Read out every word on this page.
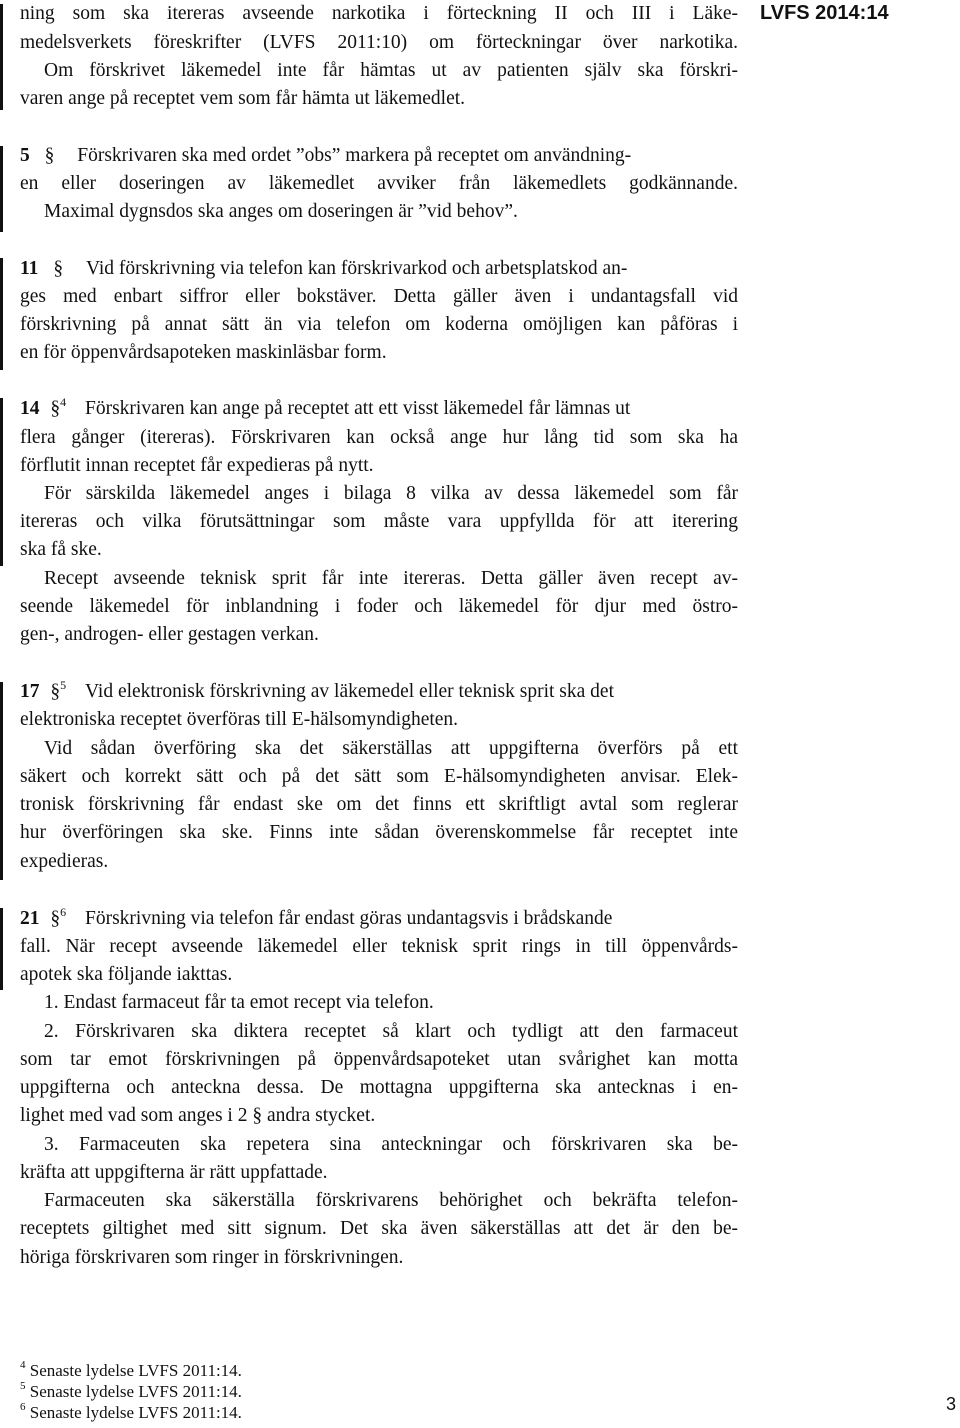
LVFS 2014:14
ning som ska itereras avseende narkotika i förteckning II och III i Läke-
medelsverkets föreskrifter (LVFS 2011:10) om förteckningar över narkotika.
Om förskrivet läkemedel inte får hämtas ut av patienten själv ska förskri-
varen ange på receptet vem som får hämta ut läkemedlet.
5 § Förskrivaren ska med ordet ”obs” markera på receptet om användning-
en eller doseringen av läkemedlet avviker från läkemedlets godkännande.
Maximal dygnsdos ska anges om doseringen är ”vid behov”.
11 § Vid förskrivning via telefon kan förskrivarkod och arbetsplatskod an-
ges med enbart siffror eller bokstäver. Detta gäller även i undantagsfall vid
förskrivning på annat sätt än via telefon om koderna omöjligen kan påföras i
en för öppenvårdsapoteken maskinläsbar form.
14 §$^4$ Förskrivaren kan ange på receptet att ett visst läkemedel får lämnas ut
flera gånger (itereras). Förskrivaren kan också ange hur lång tid som ska ha
förflutit innan receptet får expedieras på nytt.
För särskilda läkemedel anges i bilaga 8 vilka av dessa läkemedel som får
itereras och vilka förutsättningar som måste vara uppfyllda för att iterering
ska få ske.
Recept avseende teknisk sprit får inte itereras. Detta gäller även recept av-
seende läkemedel för inblandning i foder och läkemedel för djur med östro-
gen-, androgen- eller gestagen verkan.
17 §$^5$ Vid elektronisk förskrivning av läkemedel eller teknisk sprit ska det
elektroniska receptet överföras till E-hälsomyndigheten.
Vid sådan överföring ska det säkerställas att uppgifterna överförs på ett
säkert och korrekt sätt och på det sätt som E-hälsomyndigheten anvisar. Elek-
tronisk förskrivning får endast ske om det finns ett skriftligt avtal som reglerar
hur överföringen ska ske. Finns inte sådan överenskommelse får receptet inte
expedieras.
21 §$^6$ Förskrivning via telefon får endast göras undantagsvis i brådskande
fall. När recept avseende läkemedel eller teknisk sprit rings in till öppenvårds-
apotek ska följande iakttas.
1. Endast farmaceut får ta emot recept via telefon.
2. Förskrivaren ska diktera receptet så klart och tydligt att den farmaceut
som tar emot förskrivningen på öppenvårdsapoteket utan svårighet kan motta
uppgifterna och anteckna dessa. De mottagna uppgifterna ska antecknas i en-
lighet med vad som anges i 2 § andra stycket.
3. Farmaceuten ska repetera sina anteckningar och förskrivaren ska be-
kräfta att uppgifterna är rätt uppfattade.
Farmaceuten ska säkerställa förskrivarens behörighet och bekräfta telefon-
receptets giltighet med sitt signum. Det ska även säkerställas att det är den be-
höriga förskrivaren som ringer in förskrivningen.
$^4$ Senaste lydelse LVFS 2011:14.
$^5$ Senaste lydelse LVFS 2011:14.
$^6$ Senaste lydelse LVFS 2011:14.	3
